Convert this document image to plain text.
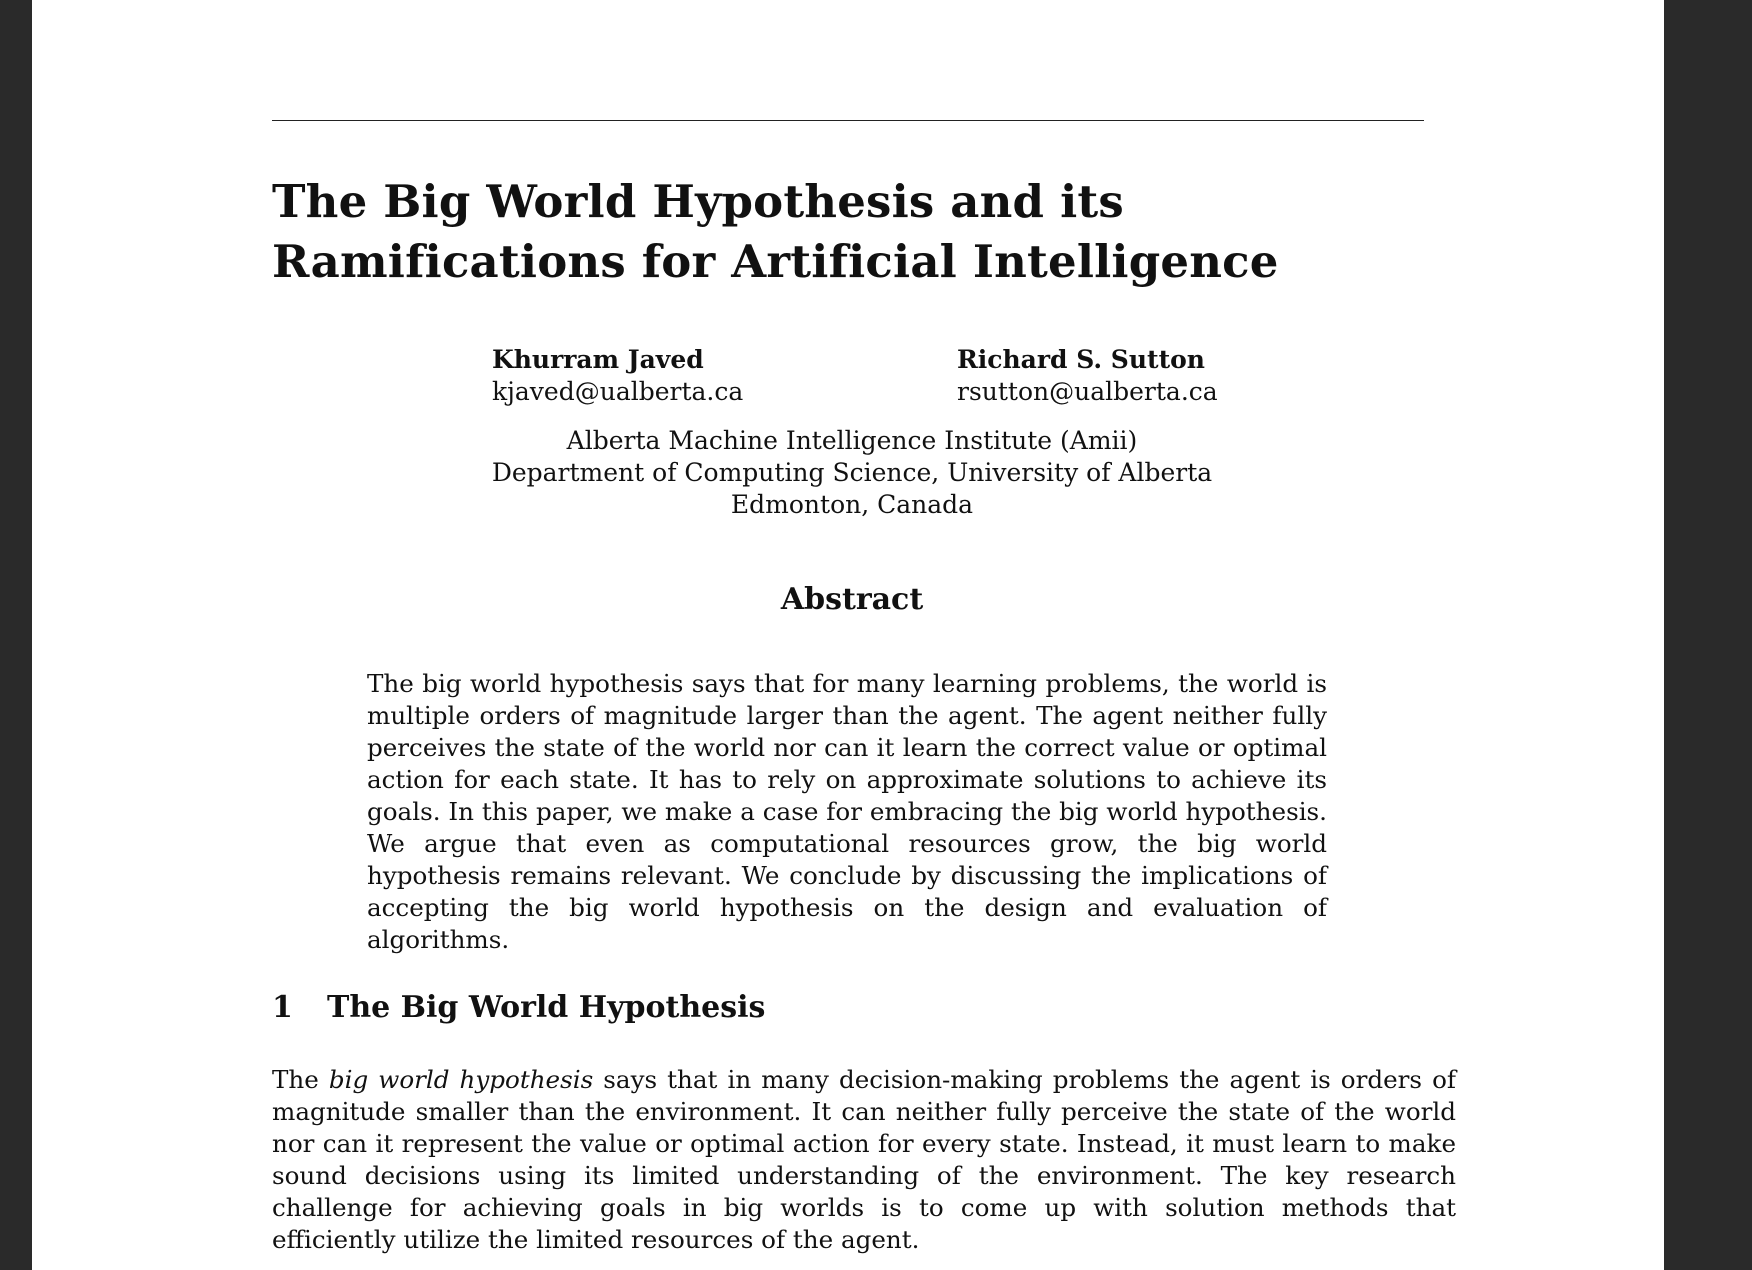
The Big World Hypothesis and its Ramifications for Artificial Intelligence
Khurram Javed
kjaved@ualberta.ca
Richard S. Sutton
rsutton@ualberta.ca
Alberta Machine Intelligence Institute (Amii)
Department of Computing Science, University of Alberta
Edmonton, Canada
Abstract

The big world hypothesis says that for many learning problems, the world is multiple orders of magnitude larger than the agent. The agent neither fully perceives the state of the world nor can it learn the correct value or optimal action for each state. It has to rely on approximate solutions to achieve its goals. In this paper, we make a case for embracing the big world hypothesis. We argue that even as computational resources grow, the big world hypothesis remains relevant. We conclude by discussing the implications of accepting the big world hypothesis on the design and evaluation of algorithms.

1 The Big World Hypothesis

The big world hypothesis says that in many decision-making problems the agent is orders of magnitude smaller than the environment. It can neither fully perceive the state of the world nor can it represent the value or optimal action for every state. Instead, it must learn to make sound decisions using its limited understanding of the environment. The key research challenge for achieving goals in big worlds is to come up with solution methods that efficiently utilize the limited resources of the agent.
